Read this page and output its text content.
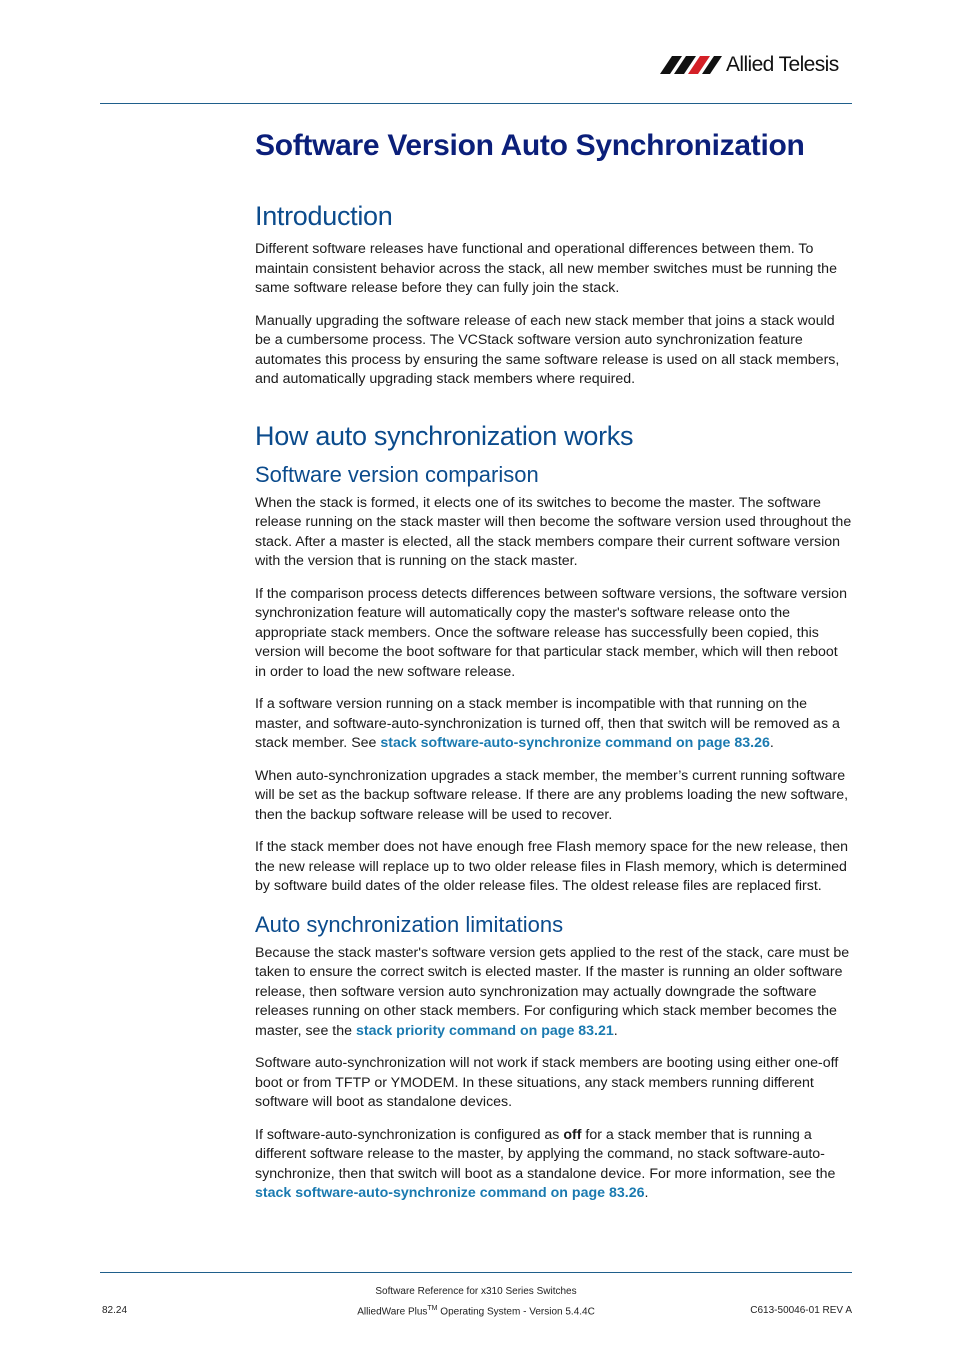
Allied Telesis
Software Version Auto Synchronization
Introduction

Different software releases have functional and operational differences between them. To maintain consistent behavior across the stack, all new member switches must be running the same software release before they can fully join the stack.

Manually upgrading the software release of each new stack member that joins a stack would be a cumbersome process. The VCStack software version auto synchronization feature automates this process by ensuring the same software release is used on all stack members, and automatically upgrading stack members where required.

How auto synchronization works
Software version comparison

When the stack is formed, it elects one of its switches to become the master. The software release running on the stack master will then become the software version used throughout the stack. After a master is elected, all the stack members compare their current software version with the version that is running on the stack master.

If the comparison process detects differences between software versions, the software version synchronization feature will automatically copy the master's software release onto the appropriate stack members. Once the software release has successfully been copied, this version will become the boot software for that particular stack member, which will then reboot in order to load the new software release.

If a software version running on a stack member is incompatible with that running on the master, and software-auto-synchronization is turned off, then that switch will be removed as a stack member. See stack software-auto-synchronize command on page 83.26.

When auto-synchronization upgrades a stack member, the member’s current running software will be set as the backup software release. If there are any problems loading the new software, then the backup software release will be used to recover.

If the stack member does not have enough free Flash memory space for the new release, then the new release will replace up to two older release files in Flash memory, which is determined by software build dates of the older release files. The oldest release files are replaced first.

Auto synchronization limitations

Because the stack master's software version gets applied to the rest of the stack, care must be taken to ensure the correct switch is elected master. If the master is running an older software release, then software version auto synchronization may actually downgrade the software releases running on other stack members. For configuring which stack member becomes the master, see the stack priority command on page 83.21.

Software auto-synchronization will not work if stack members are booting using either one-off boot or from TFTP or YMODEM. In these situations, any stack members running different software will boot as standalone devices.

If software-auto-synchronization is configured as off for a stack member that is running a different software release to the master, by applying the command, no stack software-auto-synchronize, then that switch will boot as a standalone device. For more information, see the stack software-auto-synchronize command on page 83.26.

Software Reference for x310 Series Switches
82.24	AlliedWare Plus™ Operating System - Version 5.4.4C	C613-50046-01 REV A
